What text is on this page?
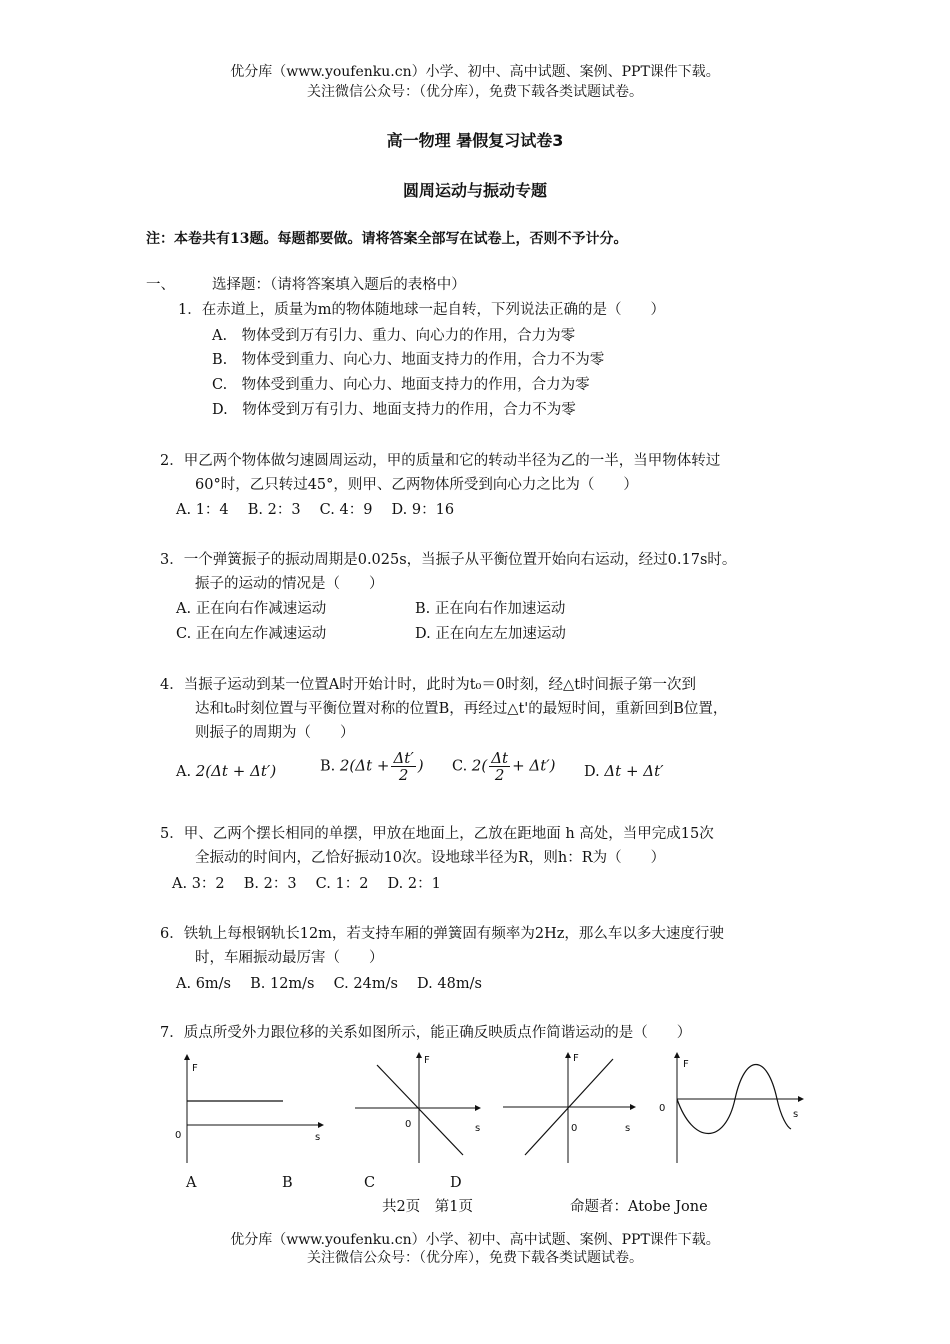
优分库（www.youfenku.cn）小学、初中、高中试题、案例、PPT课件下载。
关注微信公众号：（优分库），免费下载各类试题试卷。
高一物理 暑假复习试卷3
圆周运动与振动专题
注：本卷共有13题。每题都要做。请将答案全部写在试卷上，否则不予计分。
一、	选择题：（请将答案填入题后的表格中）
1．在赤道上，质量为m的物体随地球一起自转，下列说法正确的是（　　）
A.　物体受到万有引力、重力、向心力的作用，合力为零
B.　物体受到重力、向心力、地面支持力的作用，合力不为零
C.　物体受到重力、向心力、地面支持力的作用，合力为零
D.　物体受到万有引力、地面支持力的作用，合力不为零
2．甲乙两个物体做匀速圆周运动，甲的质量和它的转动半径为乙的一半，当甲物体转过
60°时，乙只转过45°，则甲、乙两物体所受到向心力之比为（　　）
A. 1：4　 B. 2：3　 C. 4：9　 D. 9：16
3．一个弹簧振子的振动周期是0.025s，当振子从平衡位置开始向右运动，经过0.17s时。
振子的运动的情况是（　　）
A. 正在向右作减速运动	B. 正在向右作加速运动
C. 正在向左作减速运动	D. 正在向左左加速运动
4．当振子运动到某一位置A时开始计时，此时为t₀＝0时刻，经△t时间振子第一次到
达和t₀时刻位置与平衡位置对称的位置B，再经过△t'的最短时间，重新回到B位置，
则振子的周期为（　　）
A. 2(Δt + Δt′)	B. $2(\Delta t + \frac{\Delta t'}{2}$ ) C. $2( \frac{\Delta t}{2} + \Delta t')$ D. Δt + Δt′
5．甲、乙两个摆长相同的单摆，甲放在地面上，乙放在距地面 h 高处，当甲完成15次
全振动的时间内，乙恰好振动10次。设地球半径为R，则h：R为（　　）
A. 3：2　 B. 2：3　 C. 1：2　 D. 2：1
6．铁轨上每根钢轨长12m，若支持车厢的弹簧固有频率为2Hz，那么车以多大速度行驶
时，车厢振动最厉害（　　）
A. 6m/s　 B. 12m/s　 C. 24m/s　 D. 48m/s
7．质点所受外力跟位移的关系如图所示，能正确反映质点作简谐运动的是（　　）
F
0	s
F
0	s
F
0	s
F
0
s
A	B	C	D
共2页　第1页	命题者：Atobe Jone
优分库（www.youfenku.cn）小学、初中、高中试题、案例、PPT课件下载。
关注微信公众号：（优分库），免费下载各类试题试卷。
